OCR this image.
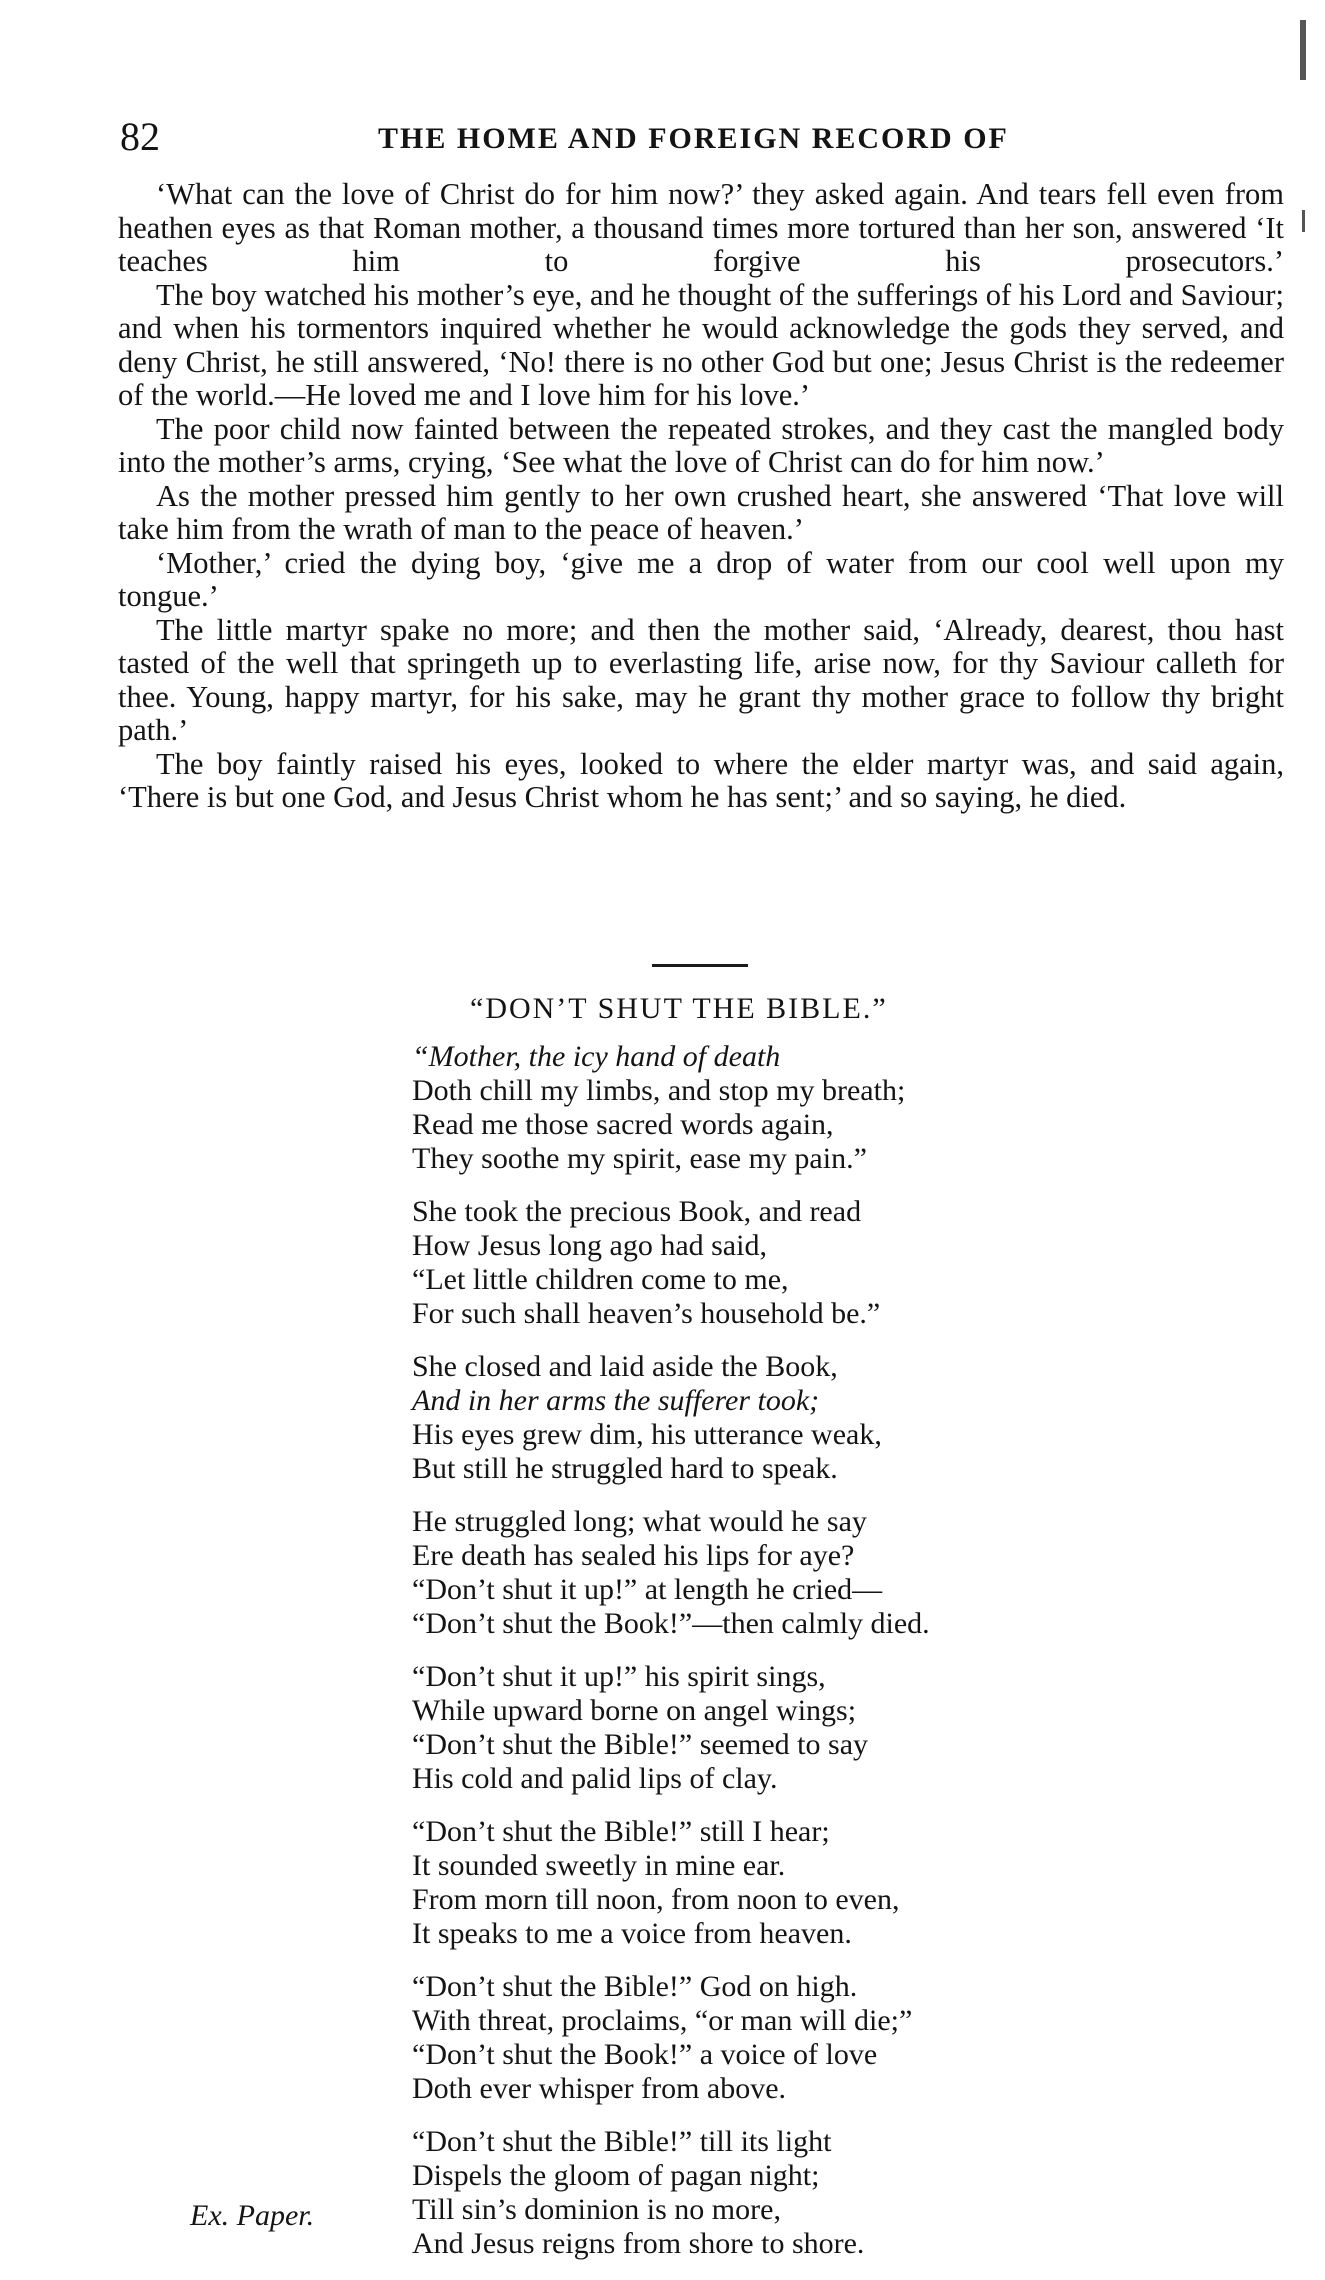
82	THE HOME AND FOREIGN RECORD OF

‘What can the love of Christ do for him now?’ they asked again. And tears fell even from heathen eyes as that Roman mother, a thousand times more tortured than her son, answered ‘It teaches him to forgive his prosecutors.’

The boy watched his mother’s eye, and he thought of the sufferings of his Lord and Saviour; and when his tormentors inquired whether he would acknowledge the gods they served, and deny Christ, he still answered, ‘No! there is no other God but one; Jesus Christ is the redeemer of the world.—He loved me and I love him for his love.’

The poor child now fainted between the repeated strokes, and they cast the mangled body into the mother’s arms, crying, ‘See what the love of Christ can do for him now.’

As the mother pressed him gently to her own crushed heart, she answered ‘That love will take him from the wrath of man to the peace of heaven.’

‘Mother,’ cried the dying boy, ‘give me a drop of water from our cool well upon my tongue.’

The little martyr spake no more; and then the mother said, ‘Already, dearest, thou hast tasted of the well that springeth up to everlasting life, arise now, for thy Saviour calleth for thee. Young, happy martyr, for his sake, may he grant thy mother grace to follow thy bright path.’

The boy faintly raised his eyes, looked to where the elder martyr was, and said again, ‘There is but one God, and Jesus Christ whom he has sent;’ and so saying, he died.

“DON’T SHUT THE BIBLE.”
“Mother, the icy hand of death
Doth chill my limbs, and stop my breath;
Read me those sacred words again,
They soothe my spirit, ease my pain.”
She took the precious Book, and read
How Jesus long ago had said,
“Let little children come to me,
For such shall heaven’s household be.”
She closed and laid aside the Book,
And in her arms the sufferer took;
His eyes grew dim, his utterance weak,
But still he struggled hard to speak.
He struggled long; what would he say
Ere death has sealed his lips for aye?
“Don’t shut it up!” at length he cried—
“Don’t shut the Book!”—then calmly died.
“Don’t shut it up!” his spirit sings,
While upward borne on angel wings;
“Don’t shut the Bible!” seemed to say
His cold and palid lips of clay.
“Don’t shut the Bible!” still I hear;
It sounded sweetly in mine ear.
From morn till noon, from noon to even,
It speaks to me a voice from heaven.
“Don’t shut the Bible!” God on high.
With threat, proclaims, “or man will die;”
“Don’t shut the Book!” a voice of love
Doth ever whisper from above.
“Don’t shut the Bible!” till its light
Dispels the gloom of pagan night;
Till sin’s dominion is no more,
And Jesus reigns from shore to shore.
Ex. Paper.
